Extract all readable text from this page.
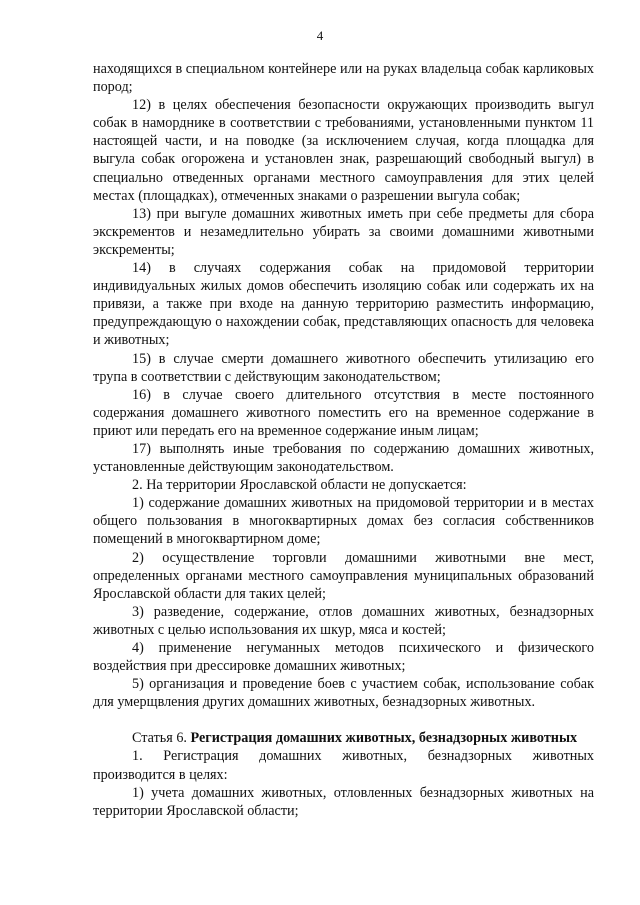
4

находящихся в специальном контейнере или на руках владельца собак карликовых пород;

12) в целях обеспечения безопасности окружающих производить выгул собак в наморднике в соответствии с требованиями, установленными пунктом 11 настоящей части, и на поводке (за исключением случая, когда площадка для выгула собак огорожена и установлен знак, разрешающий свободный выгул) в специально отведенных органами местного самоуправления для этих целей местах (площадках), отмеченных знаками о разрешении выгула собак;

13) при выгуле домашних животных иметь при себе предметы для сбора экскрементов и незамедлительно убирать за своими домашними животными экскременты;

14) в случаях содержания собак на придомовой территории индивидуальных жилых домов обеспечить изоляцию собак или содержать их на привязи, а также при входе на данную территорию разместить информацию, предупреждающую о нахождении собак, представляющих опасность для человека и животных;

15) в случае смерти домашнего животного обеспечить утилизацию его трупа в соответствии с действующим законодательством;

16) в случае своего длительного отсутствия в месте постоянного содержания домашнего животного поместить его на временное содержание в приют или передать его на временное содержание иным лицам;

17) выполнять иные требования по содержанию домашних животных, установленные действующим законодательством.

2. На территории Ярославской области не допускается:

1) содержание домашних животных на придомовой территории и в местах общего пользования в многоквартирных домах без согласия собственников помещений в многоквартирном доме;

2) осуществление торговли домашними животными вне мест, определенных органами местного самоуправления муниципальных образований Ярославской области для таких целей;

3) разведение, содержание, отлов домашних животных, безнадзорных животных с целью использования их шкур, мяса и костей;

4) применение негуманных методов психического и физического воздействия при дрессировке домашних животных;

5) организация и проведение боев с участием собак, использование собак для умерщвления других домашних животных, безнадзорных животных.

Статья 6. Регистрация домашних животных, безнадзорных животных

1. Регистрация домашних животных, безнадзорных животных производится в целях:

1) учета домашних животных, отловленных безнадзорных животных на территории Ярославской области;
